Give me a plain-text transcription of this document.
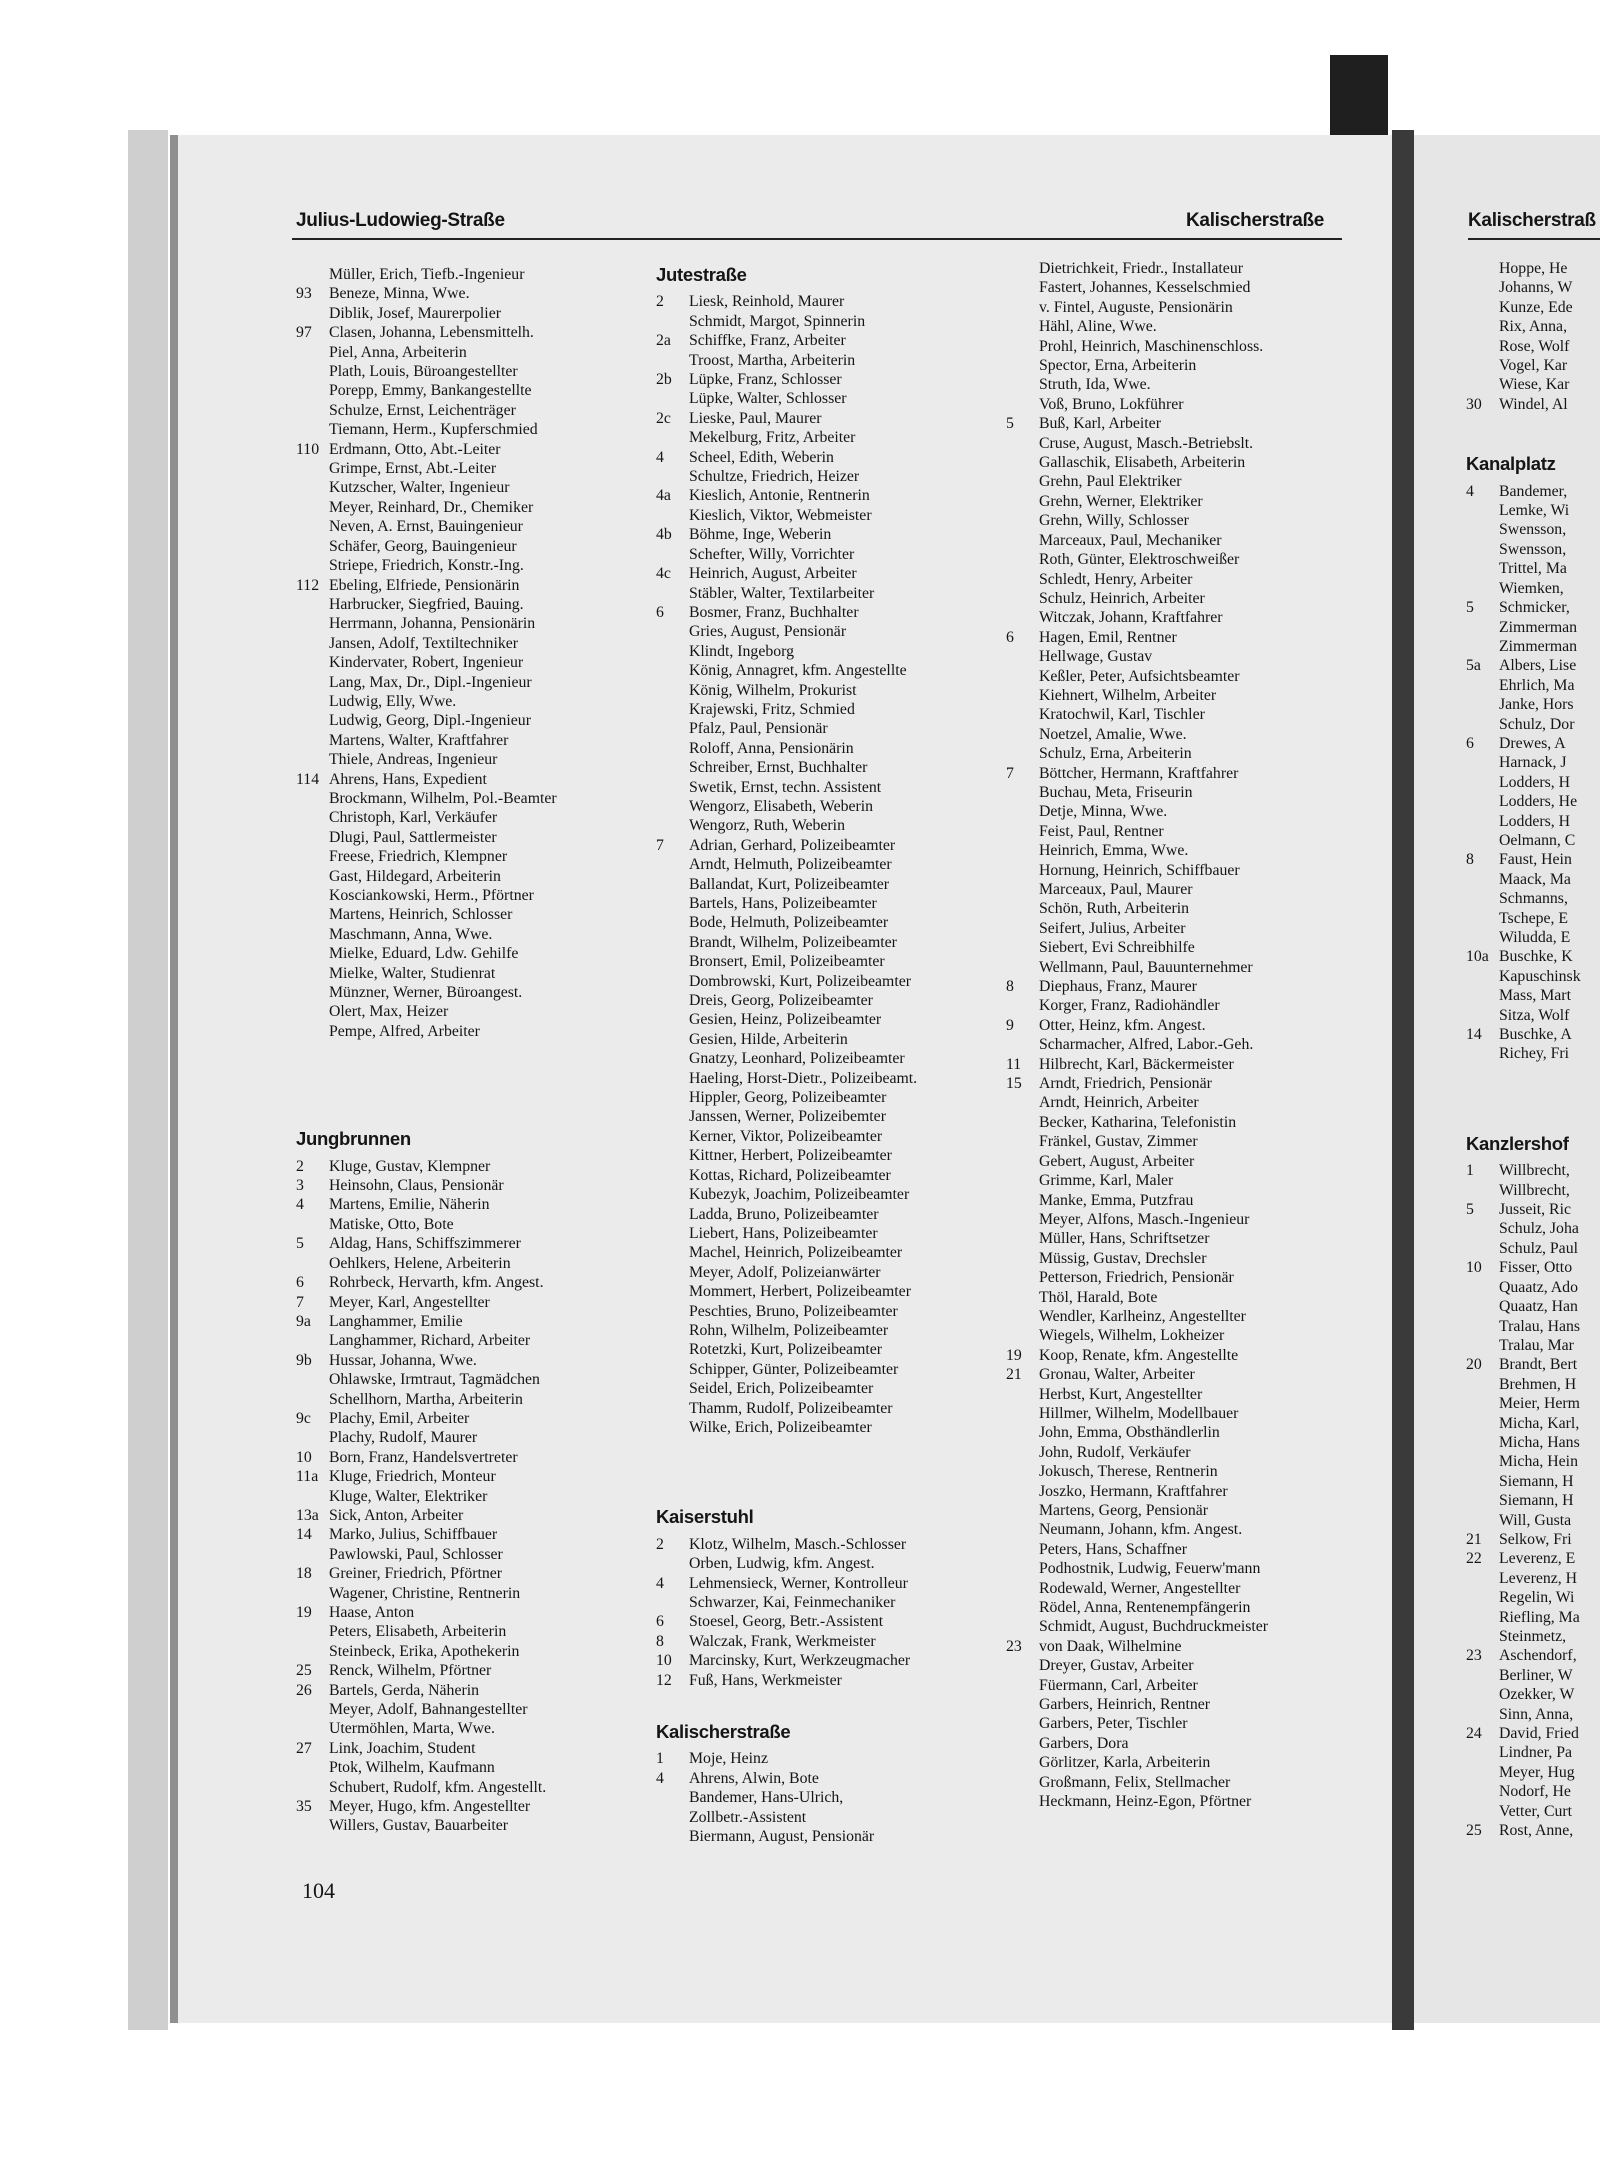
Julius-Ludowieg-Straße	Kalischerstraße	Kalischerstraß
Müller, Erich, Tiefb.-Ingenieur
93	Beneze, Minna, Wwe.
Diblik, Josef, Maurerpolier
97	Clasen, Johanna, Lebensmittelh.
Piel, Anna, Arbeiterin
Plath, Louis, Büroangestellter
Porepp, Emmy, Bankangestellte
Schulze, Ernst, Leichenträger
Tiemann, Herm., Kupferschmied
110 Erdmann, Otto, Abt.-Leiter
Grimpe, Ernst, Abt.-Leiter
Kutzscher, Walter, Ingenieur
Meyer, Reinhard, Dr., Chemiker
Neven, A. Ernst, Bauingenieur
Schäfer, Georg, Bauingenieur
Striepe, Friedrich, Konstr.-Ing.
112 Ebeling, Elfriede, Pensionärin
Harbrucker, Siegfried, Bauing.
Herrmann, Johanna, Pensionärin
Jansen, Adolf, Textiltechniker
Kindervater, Robert, Ingenieur
Lang, Max, Dr., Dipl.-Ingenieur
Ludwig, Elly, Wwe.
Ludwig, Georg, Dipl.-Ingenieur
Martens, Walter, Kraftfahrer
Thiele, Andreas, Ingenieur
114 Ahrens, Hans, Expedient
Brockmann, Wilhelm, Pol.-Beamter
Christoph, Karl, Verkäufer
Dlugi, Paul, Sattlermeister
Freese, Friedrich, Klempner
Gast, Hildegard, Arbeiterin
Kosciankowski, Herm., Pförtner
Martens, Heinrich, Schlosser
Maschmann, Anna, Wwe.
Mielke, Eduard, Ldw. Gehilfe
Mielke, Walter, Studienrat
Münzner, Werner, Büroangest.
Olert, Max, Heizer
Pempe, Alfred, Arbeiter
Jungbrunnen
2	Kluge, Gustav, Klempner
3	Heinsohn, Claus, Pensionär
4	Martens, Emilie, Näherin
Matiske, Otto, Bote
5	Aldag, Hans, Schiffszimmerer
Oehlkers, Helene, Arbeiterin
6	Rohrbeck, Hervarth, kfm. Angest.
7	Meyer, Karl, Angestellter
9a	Langhammer, Emilie
Langhammer, Richard, Arbeiter
9b	Hussar, Johanna, Wwe.
Ohlawske, Irmtraut, Tagmädchen
Schellhorn, Martha, Arbeiterin
9c	Plachy, Emil, Arbeiter
Plachy, Rudolf, Maurer
10	Born, Franz, Handelsvertreter
11a Kluge, Friedrich, Monteur
Kluge, Walter, Elektriker
13a Sick, Anton, Arbeiter
14	Marko, Julius, Schiffbauer
Pawlowski, Paul, Schlosser
18	Greiner, Friedrich, Pförtner
Wagener, Christine, Rentnerin
19	Haase, Anton
Peters, Elisabeth, Arbeiterin
Steinbeck, Erika, Apothekerin
25	Renck, Wilhelm, Pförtner
26	Bartels, Gerda, Näherin
Meyer, Adolf, Bahnangestellter
Utermöhlen, Marta, Wwe.
27	Link, Joachim, Student
Ptok, Wilhelm, Kaufmann
Schubert, Rudolf, kfm. Angestellt.
35	Meyer, Hugo, kfm. Angestellter
Willers, Gustav, Bauarbeiter
Jutestraße
2	Liesk, Reinhold, Maurer
Schmidt, Margot, Spinnerin
2a	Schiffke, Franz, Arbeiter
Troost, Martha, Arbeiterin
2b	Lüpke, Franz, Schlosser
Lüpke, Walter, Schlosser
2c	Lieske, Paul, Maurer
Mekelburg, Fritz, Arbeiter
4	Scheel, Edith, Weberin
Schultze, Friedrich, Heizer
4a	Kieslich, Antonie, Rentnerin
Kieslich, Viktor, Webmeister
4b	Böhme, Inge, Weberin
Schefter, Willy, Vorrichter
4c	Heinrich, August, Arbeiter
Stäbler, Walter, Textilarbeiter
6	Bosmer, Franz, Buchhalter
Gries, August, Pensionär
Klindt, Ingeborg
König, Annagret, kfm. Angestellte
König, Wilhelm, Prokurist
Krajewski, Fritz, Schmied
Pfalz, Paul, Pensionär
Roloff, Anna, Pensionärin
Schreiber, Ernst, Buchhalter
Swetik, Ernst, techn. Assistent
Wengorz, Elisabeth, Weberin
Wengorz, Ruth, Weberin
7	Adrian, Gerhard, Polizeibeamter
Arndt, Helmuth, Polizeibeamter
Ballandat, Kurt, Polizeibeamter
Bartels, Hans, Polizeibeamter
Bode, Helmuth, Polizeibeamter
Brandt, Wilhelm, Polizeibeamter
Bronsert, Emil, Polizeibeamter
Dombrowski, Kurt, Polizeibeamter
Dreis, Georg, Polizeibeamter
Gesien, Heinz, Polizeibeamter
Gesien, Hilde, Arbeiterin
Gnatzy, Leonhard, Polizeibeamter
Haeling, Horst-Dietr., Polizeibeamt.
Hippler, Georg, Polizeibeamter
Janssen, Werner, Polizeibemter
Kerner, Viktor, Polizeibeamter
Kittner, Herbert, Polizeibeamter
Kottas, Richard, Polizeibeamter
Kubezyk, Joachim, Polizeibeamter
Ladda, Bruno, Polizeibeamter
Liebert, Hans, Polizeibeamter
Machel, Heinrich, Polizeibeamter
Meyer, Adolf, Polizeianwärter
Mommert, Herbert, Polizeibeamter
Peschties, Bruno, Polizeibeamter
Rohn, Wilhelm, Polizeibeamter
Rotetzki, Kurt, Polizeibeamter
Schipper, Günter, Polizeibeamter
Seidel, Erich, Polizeibeamter
Thamm, Rudolf, Polizeibeamter
Wilke, Erich, Polizeibeamter
Kaiserstuhl
2	Klotz, Wilhelm, Masch.-Schlosser
Orben, Ludwig, kfm. Angest.
4	Lehmensieck, Werner, Kontrolleur
Schwarzer, Kai, Feinmechaniker
6	Stoesel, Georg, Betr.-Assistent
8	Walczak, Frank, Werkmeister
10	Marcinsky, Kurt, Werkzeugmacher
12	Fuß, Hans, Werkmeister
Kalischerstraße
1	Moje, Heinz
4	Ahrens, Alwin, Bote
Bandemer, Hans-Ulrich,
Zollbetr.-Assistent
Biermann, August, Pensionär
Dietrichkeit, Friedr., Installateur
Fastert, Johannes, Kesselschmied
v. Fintel, Auguste, Pensionärin
Hähl, Aline, Wwe.
Prohl, Heinrich, Maschinenschloss.
Spector, Erna, Arbeiterin
Struth, Ida, Wwe.
Voß, Bruno, Lokführer
5	Buß, Karl, Arbeiter
Cruse, August, Masch.-Betriebslt.
Gallaschik, Elisabeth, Arbeiterin
Grehn, Paul Elektriker
Grehn, Werner, Elektriker
Grehn, Willy, Schlosser
Marceaux, Paul, Mechaniker
Roth, Günter, Elektroschweißer
Schledt, Henry, Arbeiter
Schulz, Heinrich, Arbeiter
Witczak, Johann, Kraftfahrer
6	Hagen, Emil, Rentner
Hellwage, Gustav
Keßler, Peter, Aufsichtsbeamter
Kiehnert, Wilhelm, Arbeiter
Kratochwil, Karl, Tischler
Noetzel, Amalie, Wwe.
Schulz, Erna, Arbeiterin
7	Böttcher, Hermann, Kraftfahrer
Buchau, Meta, Friseurin
Detje, Minna, Wwe.
Feist, Paul, Rentner
Heinrich, Emma, Wwe.
Hornung, Heinrich, Schiffbauer
Marceaux, Paul, Maurer
Schön, Ruth, Arbeiterin
Seifert, Julius, Arbeiter
Siebert, Evi Schreibhilfe
Wellmann, Paul, Bauunternehmer
8	Diephaus, Franz, Maurer
Korger, Franz, Radiohändler
9	Otter, Heinz, kfm. Angest.
Scharmacher, Alfred, Labor.-Geh.
11	Hilbrecht, Karl, Bäckermeister
15	Arndt, Friedrich, Pensionär
Arndt, Heinrich, Arbeiter
Becker, Katharina, Telefonistin
Fränkel, Gustav, Zimmer
Gebert, August, Arbeiter
Grimme, Karl, Maler
Manke, Emma, Putzfrau
Meyer, Alfons, Masch.-Ingenieur
Müller, Hans, Schriftsetzer
Müssig, Gustav, Drechsler
Petterson, Friedrich, Pensionär
Thöl, Harald, Bote
Wendler, Karlheinz, Angestellter
Wiegels, Wilhelm, Lokheizer
19	Koop, Renate, kfm. Angestellte
21	Gronau, Walter, Arbeiter
Herbst, Kurt, Angestellter
Hillmer, Wilhelm, Modellbauer
John, Emma, Obsthändlerlin
John, Rudolf, Verkäufer
Jokusch, Therese, Rentnerin
Joszko, Hermann, Kraftfahrer
Martens, Georg, Pensionär
Neumann, Johann, kfm. Angest.
Peters, Hans, Schaffner
Podhostnik, Ludwig, Feuerw'mann
Rodewald, Werner, Angestellter
Rödel, Anna, Rentenempfängerin
Schmidt, August, Buchdruckmeister
23	von Daak, Wilhelmine
Dreyer, Gustav, Arbeiter
Füermann, Carl, Arbeiter
Garbers, Heinrich, Rentner
Garbers, Peter, Tischler
Garbers, Dora
Görlitzer, Karla, Arbeiterin
Großmann, Felix, Stellmacher
Heckmann, Heinz-Egon, Pförtner
Hoppe, He
Johanns, W
Kunze, Ede
Rix, Anna,
Rose, Wolf
Vogel, Kar
Wiese, Kar
30	Windel, Al
Kanalplatz
4	Bandemer,
Lemke, Wi
Swensson,
Swensson,
Trittel, Ma
Wiemken,
5	Schmicker,
Zimmerman
Zimmerman
5a	Albers, Lise
Ehrlich, Ma
Janke, Hors
Schulz, Dor
6	Drewes, A
Harnack, J
Lodders, H
Lodders, He
Lodders, H
Oelmann, C
8	Faust, Hein
Maack, Ma
Schmanns,
Tschepe, E
Wiludda, E
10a Buschke, K
Kapuschinsk
Mass, Mart
Sitza, Wolf
14	Buschke, A
Richey, Fri
Kanzlershof
1	Willbrecht,
Willbrecht,
5	Jusseit, Ric
Schulz, Joha
Schulz, Paul
10	Fisser, Otto
Quaatz, Ado
Quaatz, Han
Tralau, Hans
Tralau, Mar
20	Brandt, Bert
Brehmen, H
Meier, Herm
Micha, Karl,
Micha, Hans
Micha, Hein
Siemann, H
Siemann, H
Will, Gusta
21	Selkow, Fri
22	Leverenz, E
Leverenz, H
Regelin, Wi
Riefling, Ma
Steinmetz,
23	Aschendorf,
Berliner, W
Ozekker, W
Sinn, Anna,
24	David, Fried
Lindner, Pa
Meyer, Hug
Nodorf, He
Vetter, Curt
25	Rost, Anne,
104
